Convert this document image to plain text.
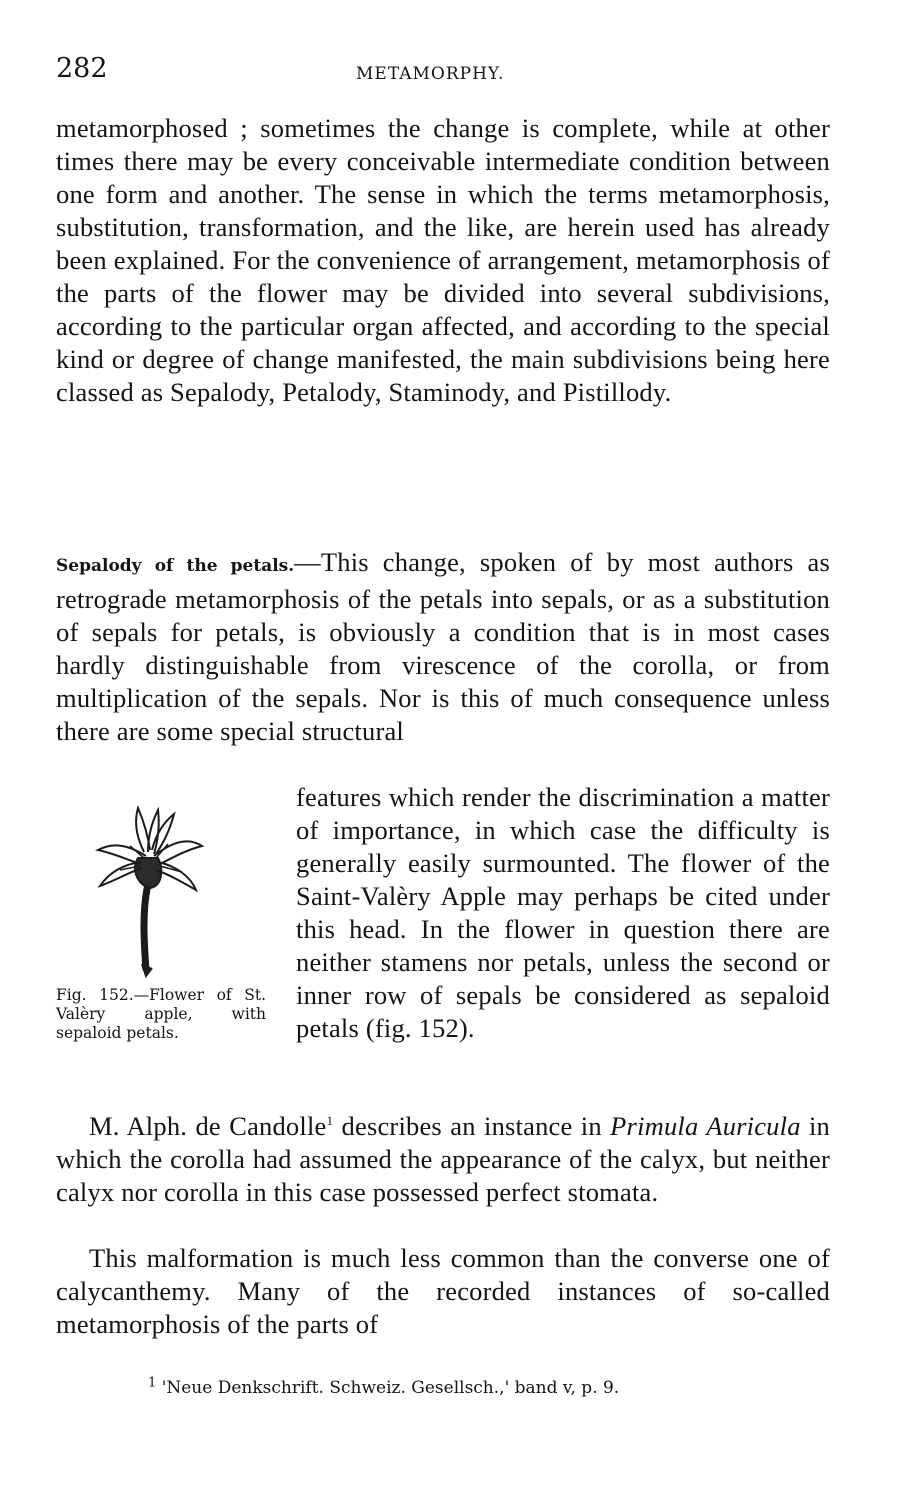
282	METAMORPHY.

metamorphosed ; sometimes the change is complete, while at other times there may be every conceivable intermediate condition between one form and another. The sense in which the terms metamorphosis, substitution, transformation, and the like, are herein used has already been explained. For the convenience of arrangement, metamorphosis of the parts of the flower may be divided into several subdivisions, according to the particular organ affected, and according to the special kind or degree of change manifested, the main subdivisions being here classed as Sepalody, Petalody, Staminody, and Pistillody.

Sepalody of the petals.—This change, spoken of by most authors as retrograde metamorphosis of the petals into sepals, or as a substitution of sepals for petals, is obviously a condition that is in most cases hardly distinguishable from virescence of the corolla, or from multiplication of the sepals. Nor is this of much consequence unless there are some special structural

Fig. 152.—Flower of St. Valèry apple, with sepaloid petals.

features which render the discrimination a matter of importance, in which case the difficulty is generally easily surmounted. The flower of the Saint-Valèry Apple may perhaps be cited under this head. In the flower in question there are neither stamens nor petals, unless the second or inner row of sepals be considered as sepaloid petals (fig. 152).

M. Alph. de Candolle$^1$ describes an instance in Primula Auricula in which the corolla had assumed the appearance of the calyx, but neither calyx nor corolla in this case possessed perfect stomata.

This malformation is much less common than the converse one of calycanthemy. Many of the recorded instances of so-called metamorphosis of the parts of

$^1$ 'Neue Denkschrift. Schweiz. Gesellsch.,' band v, p. 9.
